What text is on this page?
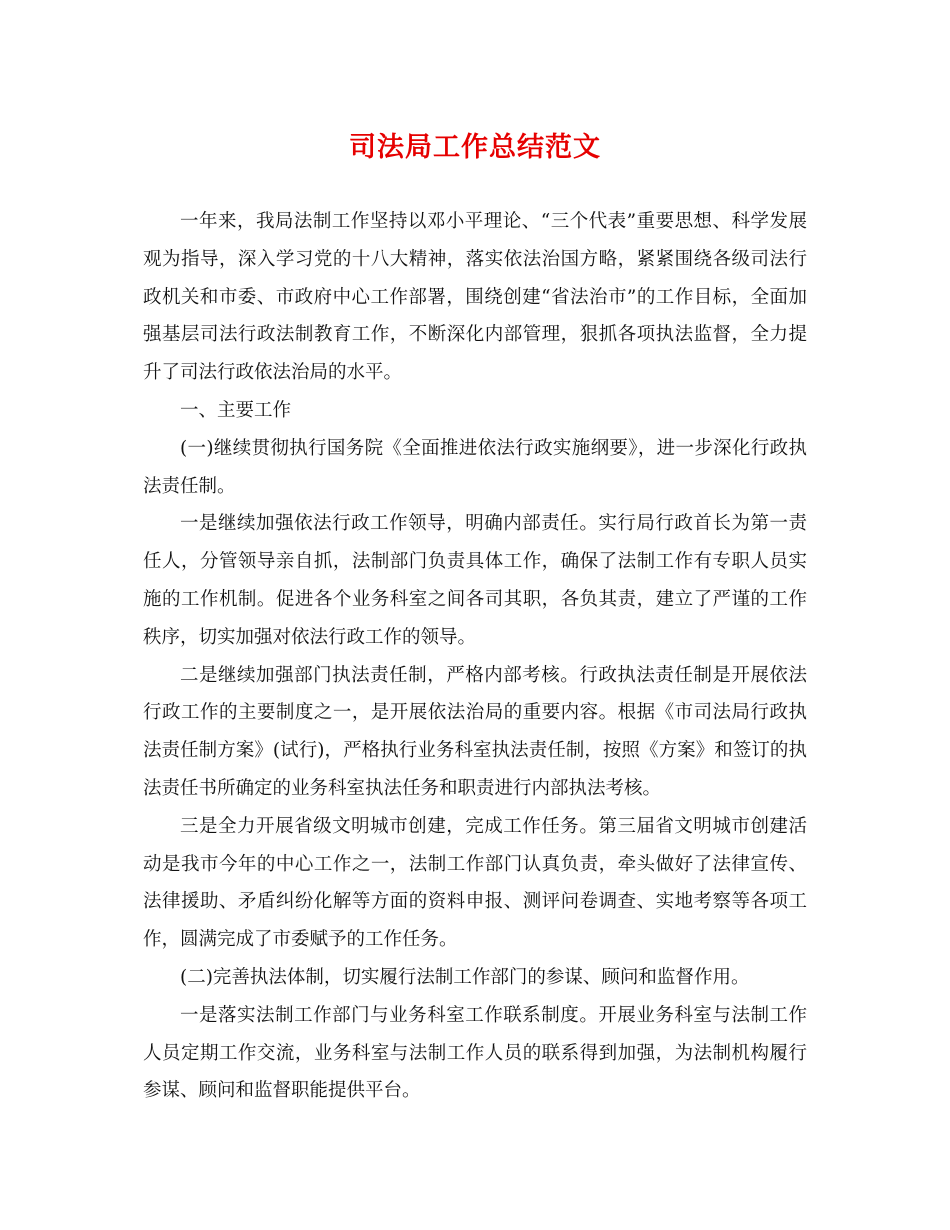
司法局工作总结范文

一年来，我局法制工作坚持以邓小平理论、“三个代表”重要思想、科学发展观为指导，深入学习党的十八大精神，落实依法治国方略，紧紧围绕各级司法行政机关和市委、市政府中心工作部署，围绕创建“省法治市”的工作目标，全面加强基层司法行政法制教育工作，不断深化内部管理，狠抓各项执法监督，全力提升了司法行政依法治局的水平。

一、主要工作

(一)继续贯彻执行国务院《全面推进依法行政实施纲要》，进一步深化行政执法责任制。

一是继续加强依法行政工作领导，明确内部责任。实行局行政首长为第一责任人，分管领导亲自抓，法制部门负责具体工作，确保了法制工作有专职人员实施的工作机制。促进各个业务科室之间各司其职，各负其责，建立了严谨的工作秩序，切实加强对依法行政工作的领导。

二是继续加强部门执法责任制，严格内部考核。行政执法责任制是开展依法行政工作的主要制度之一，是开展依法治局的重要内容。根据《市司法局行政执法责任制方案》(试行)，严格执行业务科室执法责任制，按照《方案》和签订的执法责任书所确定的业务科室执法任务和职责进行内部执法考核。

三是全力开展省级文明城市创建，完成工作任务。第三届省文明城市创建活动是我市今年的中心工作之一，法制工作部门认真负责，牵头做好了法律宣传、法律援助、矛盾纠纷化解等方面的资料申报、测评问卷调查、实地考察等各项工作，圆满完成了市委赋予的工作任务。

(二)完善执法体制，切实履行法制工作部门的参谋、顾问和监督作用。

一是落实法制工作部门与业务科室工作联系制度。开展业务科室与法制工作人员定期工作交流，业务科室与法制工作人员的联系得到加强，为法制机构履行参谋、顾问和监督职能提供平台。
